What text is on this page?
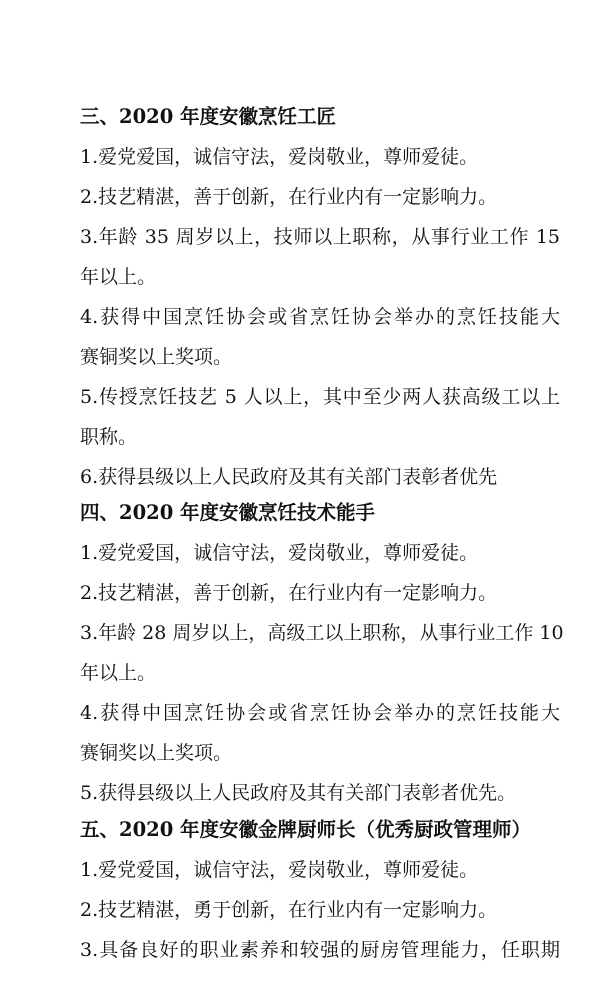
三、2020 年度安徽烹饪工匠
1.爱党爱国，诚信守法，爱岗敬业，尊师爱徒。
2.技艺精湛，善于创新，在行业内有一定影响力。
3.年龄 35 周岁以上，技师以上职称，从事行业工作 15
年以上。
4.获得中国烹饪协会或省烹饪协会举办的烹饪技能大
赛铜奖以上奖项。
5.传授烹饪技艺 5 人以上，其中至少两人获高级工以上
职称。
6.获得县级以上人民政府及其有关部门表彰者优先
四、2020 年度安徽烹饪技术能手
1.爱党爱国，诚信守法，爱岗敬业，尊师爱徒。
2.技艺精湛，善于创新，在行业内有一定影响力。
3.年龄 28 周岁以上，高级工以上职称，从事行业工作 10
年以上。
4.获得中国烹饪协会或省烹饪协会举办的烹饪技能大
赛铜奖以上奖项。
5.获得县级以上人民政府及其有关部门表彰者优先。
五、2020 年度安徽金牌厨师长（优秀厨政管理师）
1.爱党爱国，诚信守法，爱岗敬业，尊师爱徒。
2.技艺精湛，勇于创新，在行业内有一定影响力。
3.具备良好的职业素养和较强的厨房管理能力，任职期
